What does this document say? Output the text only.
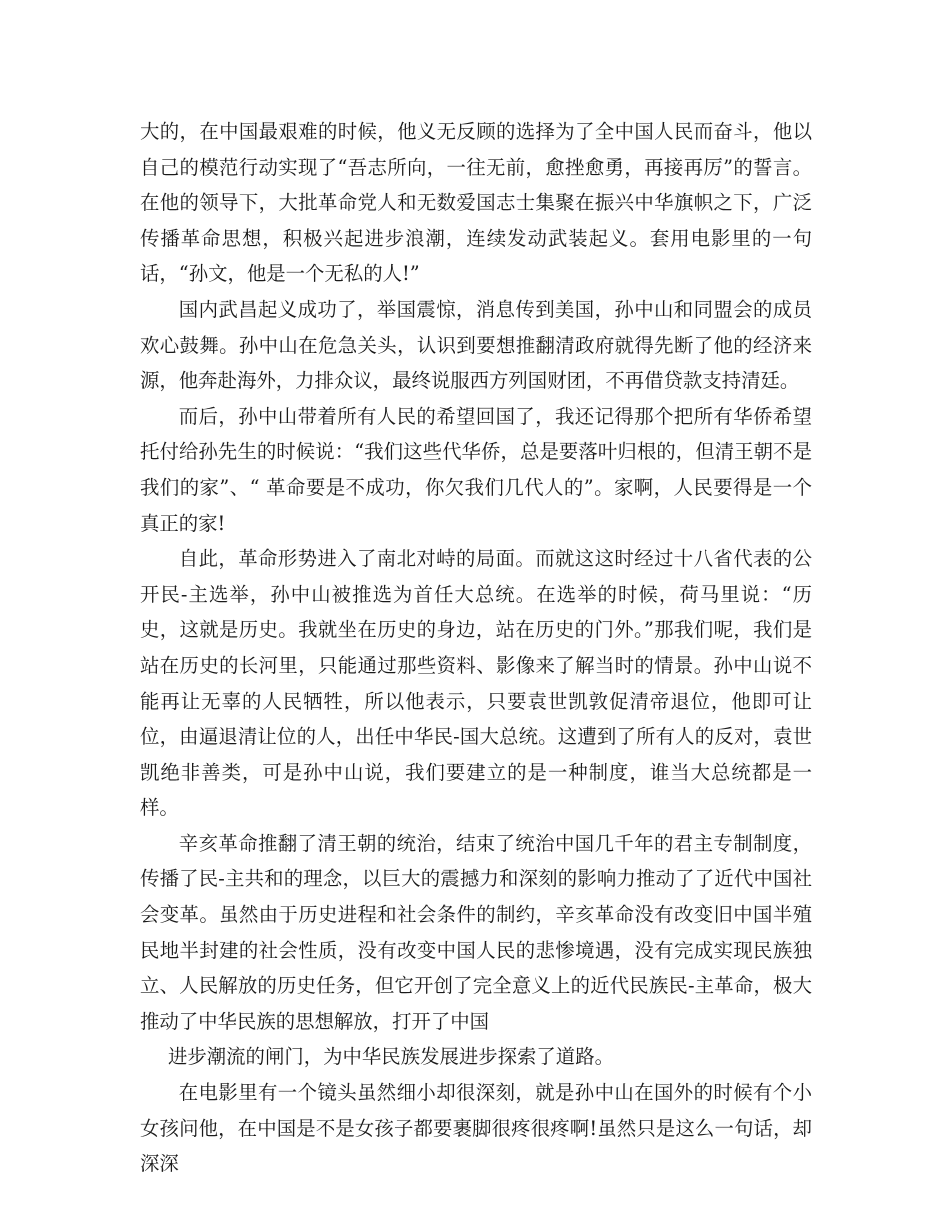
大的，在中国最艰难的时候，他义无反顾的选择为了全中国人民而奋斗，他以自己的模范行动实现了“吾志所向，一往无前，愈挫愈勇，再接再厉”的誓言。在他的领导下，大批革命党人和无数爱国志士集聚在振兴中华旗帜之下，广泛传播革命思想，积极兴起进步浪潮，连续发动武装起义。套用电影里的一句话，“孙文，他是一个无私的人!”

国内武昌起义成功了，举国震惊，消息传到美国，孙中山和同盟会的成员欢心鼓舞。孙中山在危急关头，认识到要想推翻清政府就得先断了他的经济来源，他奔赴海外，力排众议，最终说服西方列国财团，不再借贷款支持清廷。

而后，孙中山带着所有人民的希望回国了，我还记得那个把所有华侨希望托付给孙先生的时候说：“我们这些代华侨，总是要落叶归根的，但清王朝不是我们的家”、“ 革命要是不成功，你欠我们几代人的”。家啊，人民要得是一个真正的家!

自此，革命形势进入了南北对峙的局面。而就这这时经过十八省代表的公开民-主选举，孙中山被推选为首任大总统。在选举的时候，荷马里说：“历史，这就是历史。我就坐在历史的身边，站在历史的门外。”那我们呢，我们是站在历史的长河里，只能通过那些资料、影像来了解当时的情景。孙中山说不能再让无辜的人民牺牲，所以他表示，只要袁世凯敦促清帝退位，他即可让位，由逼退清让位的人，出任中华民-国大总统。这遭到了所有人的反对，袁世凯绝非善类，可是孙中山说，我们要建立的是一种制度，谁当大总统都是一样。

辛亥革命推翻了清王朝的统治，结束了统治中国几千年的君主专制制度，传播了民-主共和的理念，以巨大的震撼力和深刻的影响力推动了了近代中国社会变革。虽然由于历史进程和社会条件的制约，辛亥革命没有改变旧中国半殖民地半封建的社会性质，没有改变中国人民的悲惨境遇，没有完成实现民族独立、人民解放的历史任务，但它开创了完全意义上的近代民族民-主革命，极大推动了中华民族的思想解放，打开了中国

进步潮流的闸门，为中华民族发展进步探索了道路。

在电影里有一个镜头虽然细小却很深刻，就是孙中山在国外的时候有个小女孩问他，在中国是不是女孩子都要裹脚很疼很疼啊!虽然只是这么一句话，却深深
